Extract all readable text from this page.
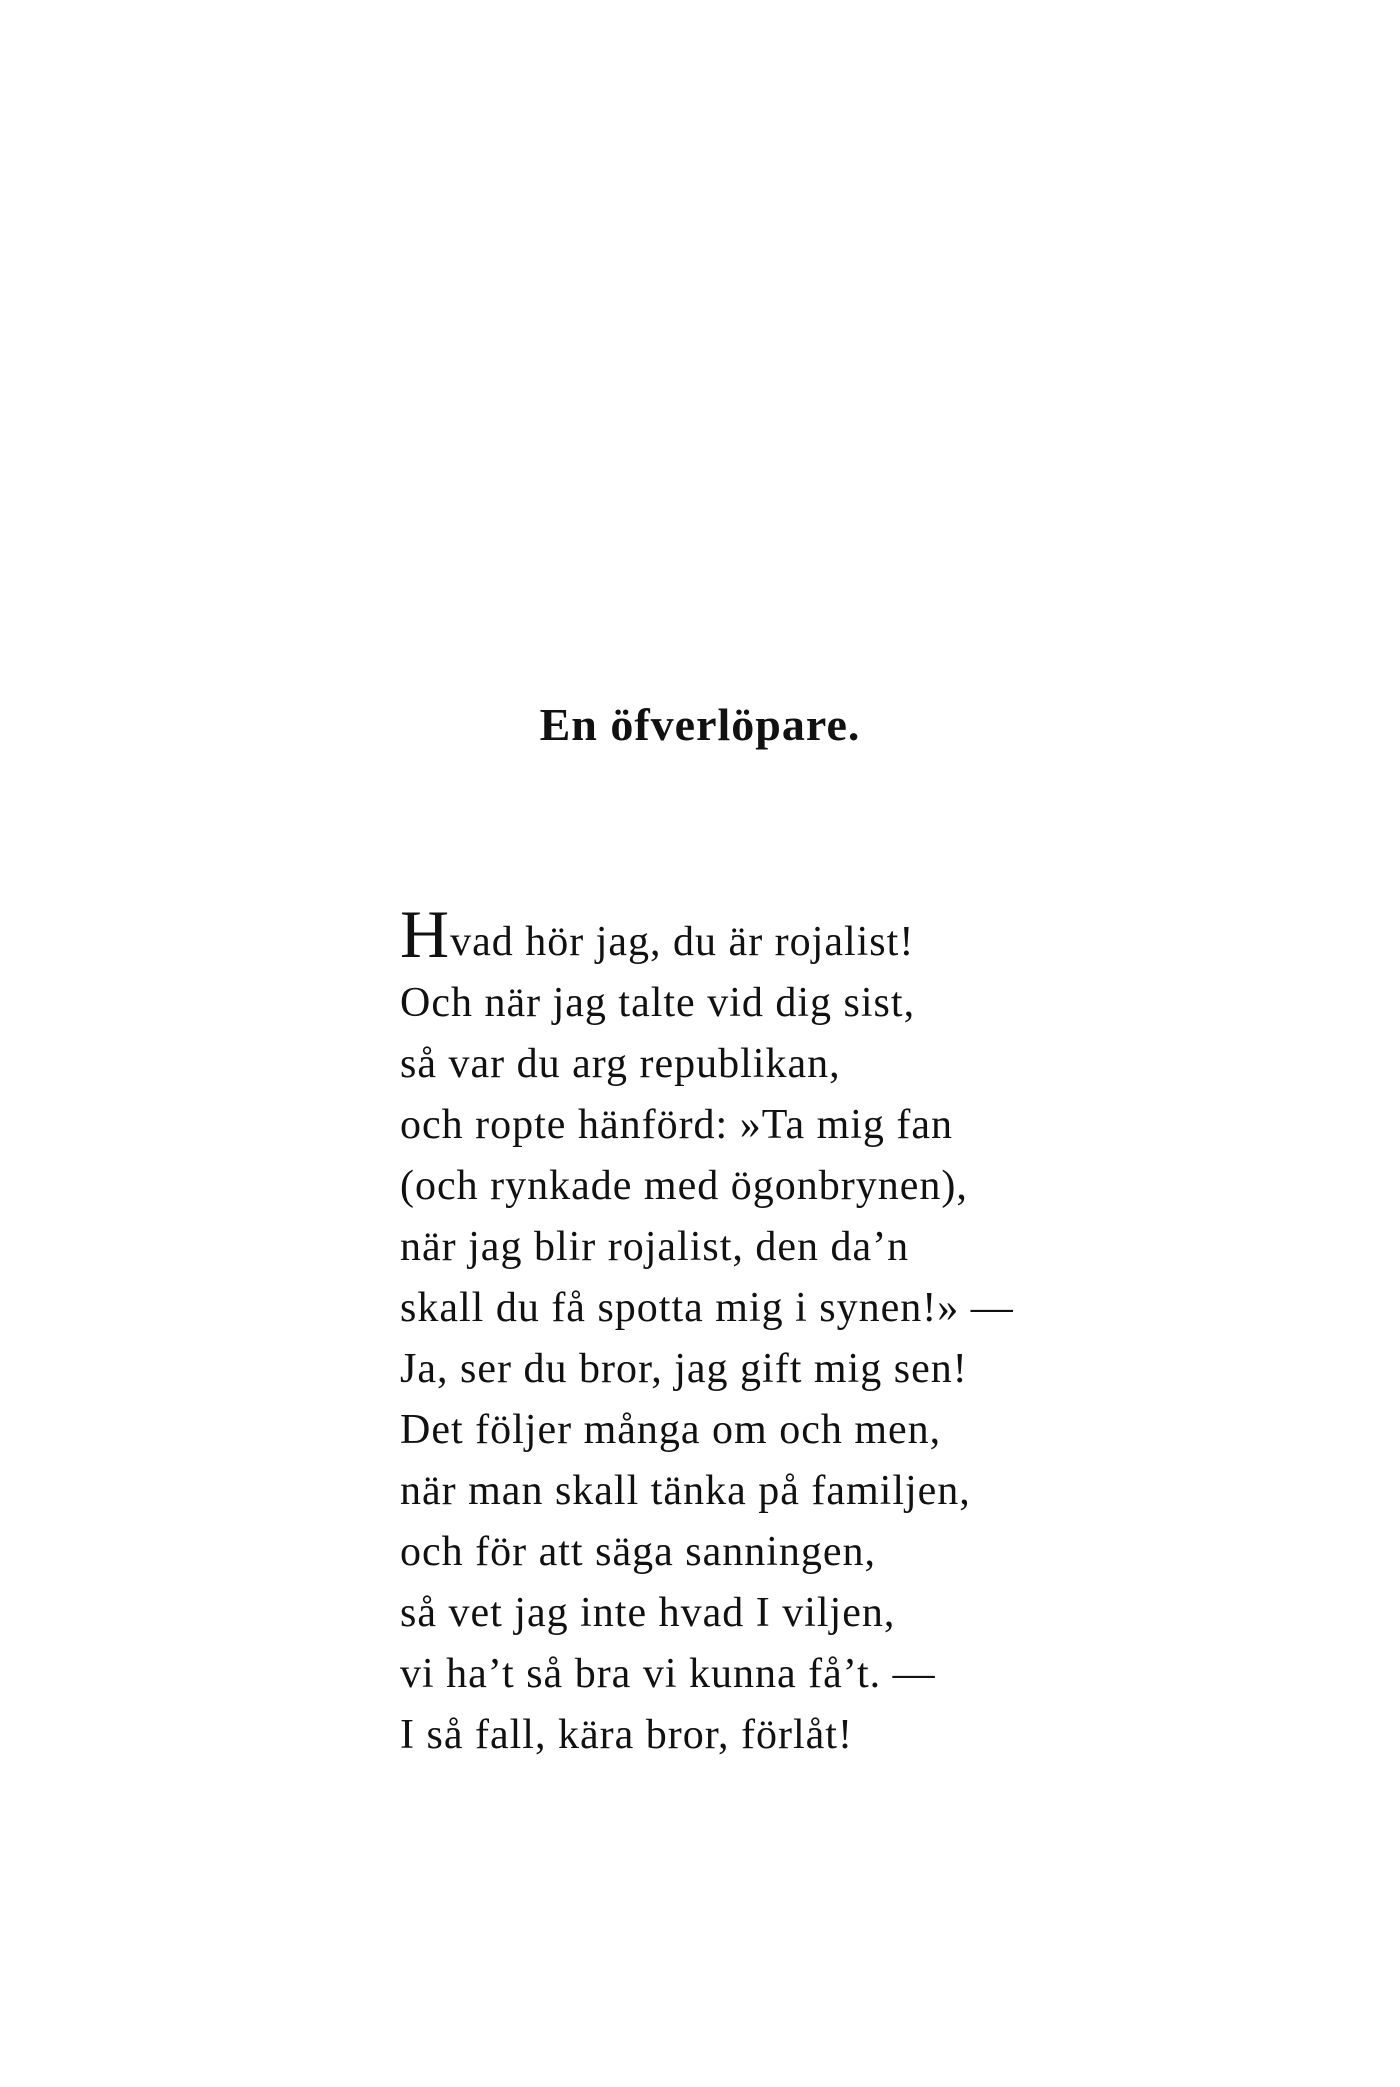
En öfverlöpare.
Hvad hör jag, du är rojalist!
Och när jag talte vid dig sist,
så var du arg republikan,
och ropte hänförd: »Ta mig fan
(och rynkade med ögonbrynen),
när jag blir rojalist, den da’n
skall du få spotta mig i synen!» —
Ja, ser du bror, jag gift mig sen!
Det följer många om och men,
när man skall tänka på familjen,
och för att säga sanningen,
så vet jag inte hvad I viljen,
vi ha’t så bra vi kunna få’t. —
I så fall, kära bror, förlåt!
